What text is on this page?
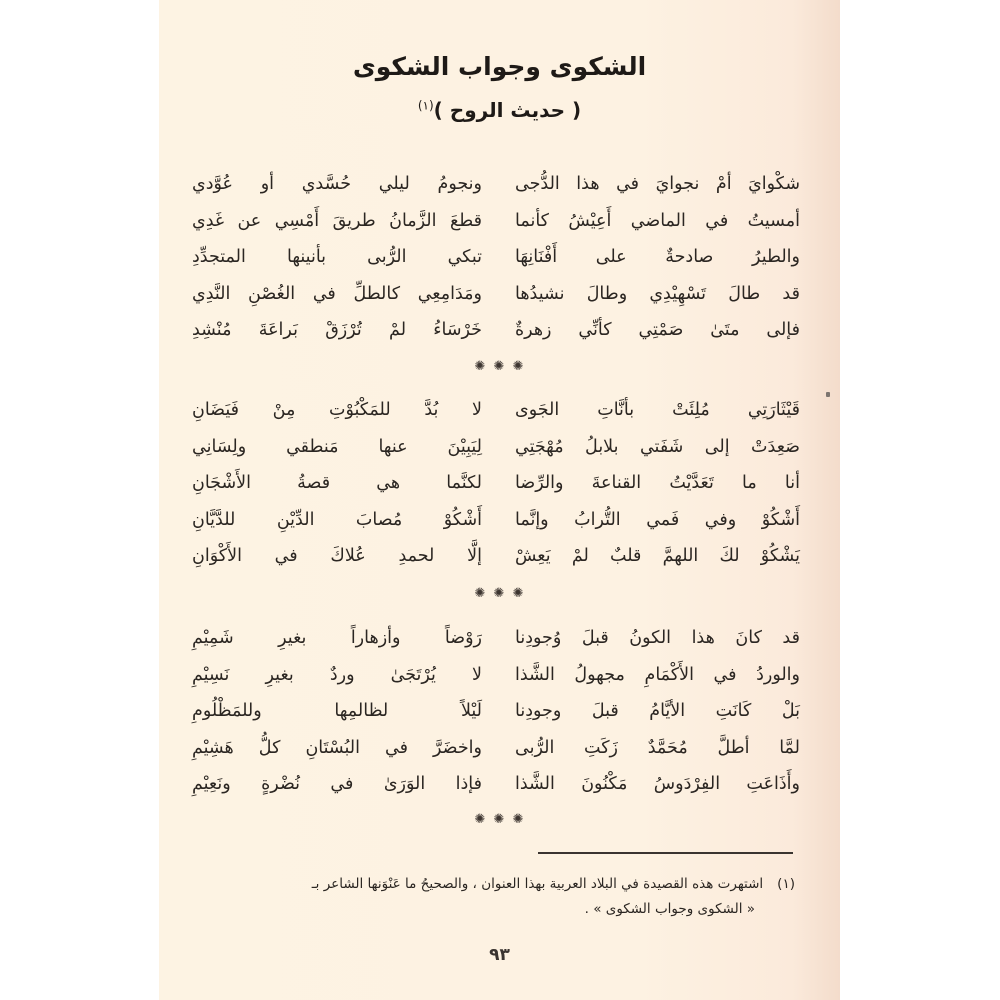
الشكوى وجواب الشكوى
( حديث الروح )$^{(١)}$
شكْوايَ أمْ نجوايَ في هذا الدُّجى
أمسيتُ في الماضي أَعِيْشُ كأنما
والطيرُ صادحةٌ على أَفْنَانِهَا
قد طالَ تَسْهِيْدِي وطالَ نشيدُها
فإلى متَىٰ صَمْتِي كأنِّي زهرةٌ
ونجومُ ليلي حُسَّدي أو عُوَّدي
قطعَ الزَّمانُ طريقَ أَمْسِي عن غَدِي
تبكي الرُّبى بأنينها المتجدِّدِ
ومَدَامِعِي كالطلِّ في الغُصْنِ النَّدِي
خَرْسَاءُ لمْ تُرْزَقْ بَراعَةَ مُنْشِدِ
✺ ✺ ✺
قَيْثَارَتِي مُلِئَتْ بأنَّاتِ الجَوى
صَعِدَتْ إلى شَفَتي بلابلُ مُهْجَتِي
أنا ما تَعَدَّيْتُ القناعةَ والرِّضا
أَشْكُوْ وفي فَمي التُّرابُ وإنَّما
يَشْكُوْ لكَ اللهمَّ قلبٌ لمْ يَعِشْ
لا بُدَّ للمَكْبُوْتِ مِنْ فَيَضَانِ
لِيَبِيْنَ عنها مَنطقي ولِسَانِي
لكنَّما هي قصةُ الأَشْجَانِ
أَشْكُوْ مُصابَ الدِّيْنِ للدَّيَّانِ
إلَّا لحمدِ عُلاكَ في الأَكْوَانِ
✺ ✺ ✺
قد كانَ هذا الكونُ قبلَ وُجودِنا
والوردُ في الأَكْمَامِ مجهولُ الشَّذا
بَلْ كَانَتِ الأيَّامُ قبلَ وجودِنا
لمَّا أطلَّ مُحَمَّدٌ زَكَتِ الرُّبى
وأَذَاعَتِ الفِرْدَوسُ مَكْنُونَ الشَّذا
رَوْضاً وأزهاراً بغيرِ شَمِيْمِ
لا يُرْتَجَىٰ وردٌ بغيرِ نَسِيْمِ
لَيْلاً لظالمِها وللمَظْلُومِ
واخضَرَّ في البُسْتَانِ كلُّ هَشِيْمِ
فإذا الوَرَىٰ في نُضْرةٍ ونَعِيْمِ
✺ ✺ ✺
(١)اشتهرت هذه القصيدة في البلاد العربية بهذا العنوان ، والصحيحُ ما عَنْوَنها الشاعر بـ
« الشكوى وجواب الشكوى » .
٩٣
